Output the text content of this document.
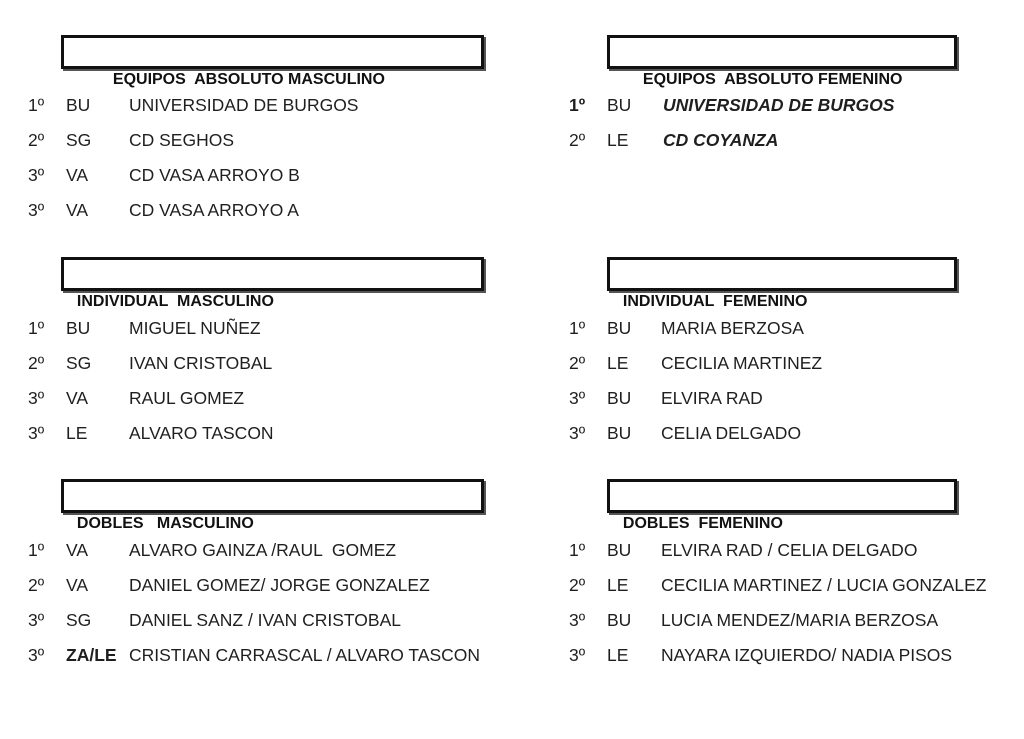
EQUIPOS  ABSOLUTO MASCULINO

1º

BU

UNIVERSIDAD DE BURGOS

2º

SG

CD SEGHOS

3º

VA

CD VASA ARROYO B

3º

VA

CD VASA ARROYO A

EQUIPOS  ABSOLUTO FEMENINO

1º

BU

UNIVERSIDAD DE BURGOS

2º

LE

CD COYANZA

INDIVIDUAL  MASCULINO

1º

BU

MIGUEL NUÑEZ

2º

SG

IVAN CRISTOBAL

3º

VA

RAUL GOMEZ

3º

LE

ALVARO TASCON

INDIVIDUAL  FEMENINO

1º

BU

MARIA BERZOSA

2º

LE

CECILIA MARTINEZ

3º

BU

ELVIRA RAD

3º

BU

CELIA DELGADO

DOBLES   MASCULINO

1º

VA

ALVARO GAINZA /RAUL  GOMEZ

2º

VA

DANIEL GOMEZ/ JORGE GONZALEZ

3º

SG

DANIEL SANZ / IVAN CRISTOBAL

3º

ZA/LE

CRISTIAN CARRASCAL / ALVARO TASCON

DOBLES  FEMENINO

1º

BU

ELVIRA RAD / CELIA DELGADO

2º

LE

CECILIA MARTINEZ / LUCIA GONZALEZ

3º

BU

LUCIA MENDEZ/MARIA BERZOSA

3º

LE

NAYARA IZQUIERDO/ NADIA PISOS
